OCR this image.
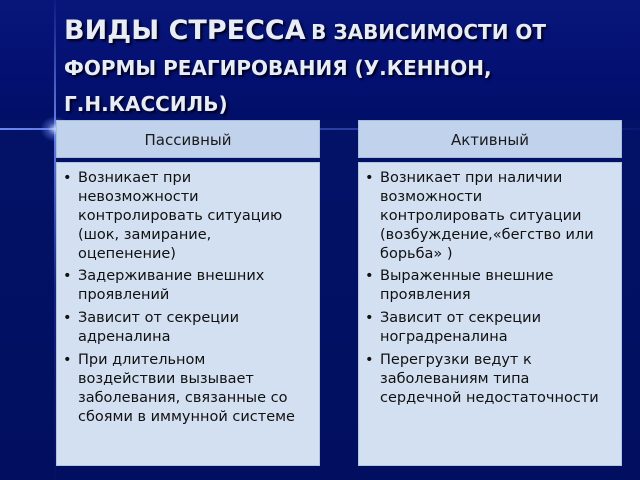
ВИДЫ СТРЕССА В ЗАВИСИМОСТИ ОТ
ФОРМЫ РЕАГИРОВАНИЯ (У.КЕННОН,
Г.Н.КАССИЛЬ)
Пассивный
• Возникает при
невозможности
контролировать ситуацию
(шок, замирание,
оцепенение)
• Задерживание внешних
проявлений
• Зависит от секреции
адреналина
• При длительном
воздействии вызывает
заболевания, связанные со
сбоями в иммунной системе
Активный
• Возникает при наличии
возможности
контролировать ситуации
(возбуждение,«бегство или
борьба» )
• Выраженные внешние
проявления
• Зависит от секреции
ноградреналина
• Перегрузки ведут к
заболеваниям типа
сердечной недостаточности
